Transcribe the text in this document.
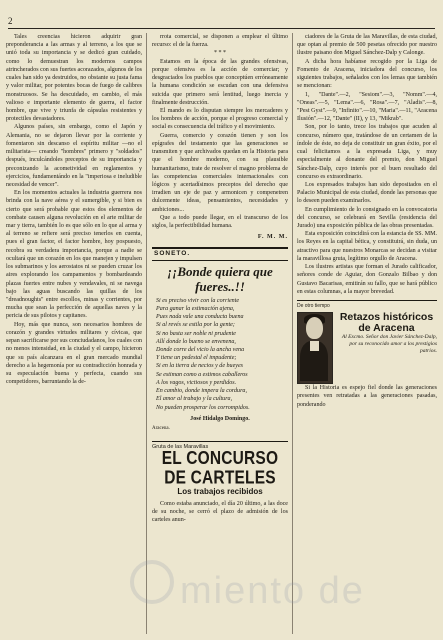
2

Tales creencias hicieron adquirir gran preponderancia a las armas y al terreno, a los que se unió toda su importancia y se dedicó gran cuidado, como lo demuestran los modernos campos atrincherados con sus fuertes acorazados, algunos de los cuales han sido ya destruidos, no obstante su justa fama y valor militar, por potentes bocas de fuego de calibres monstruosos. Se ha descuidado, en cambio, el más valioso e importante elemento de guerra, el factor hombre, que vive y triunfa de cápsulas resistentes y protectiles devastadores.

Algunos países, sin embargo, como el Japón y Alemania, no se dejaron llevar por la corriente y fomentaron sin descanso el espíritu militar —no el militarista— creando "hombres" primero y "soldados" después, inculcándoles preceptos de su importancia y preconizando la acometividad en reglamentos y ejercicios, fundamentándo en la "imperiosa e ineludible necesidad de vencer".

En los momentos actuales la industria guerrera nos brinda con la nave aérea y el sumergible, y si bien es cierto que será probable que estos dos elementos de combate causen alguna revolución en el arte militar de mar y tierra, también lo es que sólo en lo que al arma y al terreno se refiere será preciso tenerlos en cuenta, pues el gran factor, el factor hombre, hoy pospuesto, recobra su verdadera importancia, porque a nadie se ocultará que un corazón en los que manejen y impulsen los submarinos y los aerostatos ni se pueden cruzar los aires explorando los campamentos y bombardeando plazas fuertes entre nubes y vendavales, ni se navega bajo las aguas buscando las quillas de los "dreadnoughts" entre escollos, minas y corrientes, por mucha que sean la perfección de aquellas naves y la pericia de sus pilotos y capitanes.

Hoy, más que nunca, son necesarios hombres de corazón y grandes virtudes militares y cívicas, que sepan sacrificarse por sus conciudadanos, los cuales con no menos intensidad, en la ciudad y el campo, hicieron que su país alcanzara en el gran mercado mundial derecho a la hegemonía por su contradicción honrada y su especulación buena y perfecta, cuando sus competidores, barruntando la de-

rrota comercial, se disponen a emplear el último recurso: el de la fuerza.

* * *

Estamos en la época de las grandes ofensivas, porque ofensiva es la acción de comerciar; y desgraciados los pueblos que conceptúen erróneamente la humana condición se escudan con una defensiva suicida que primero será lentitud, luego inercia y finalmente destrucción.

El mando es lo disputan siempre los mercaderes y los hombres de acción, porque el progreso comercial y social es consecuencia del tráfico y el movimiento.

Guerra, comercio y corazón tienen y son los epígrafes del testamento que las generaciones se transmiten y que archivados quedan en la Historia para que el hombre moderno, con su plausible humanitarismo, trate de resolver el magno problema de las competencias comerciales internacionales con lógicos y acertadísimos preceptos del derecho que irradien un eje de paz y armonicen y compenetren dulcemente ideas, pensamientos, necesidades y ambiciones...

Que a todo puede llegar, en el transcurso de los siglos, la perfectibilidad humana.

F. M. M.

SONETO.
¡¡Bonde quiera que fueres..!!

Si es preciso vivir con la corriente

Para ganar la estimación ajena,

Pues nada vale una conducta buena

Si al revés se estila por la gente;

Si no basta ser noble ni prudente

Allí donde lo bueno se envenena,

Donde corre del vicio la ancha vena

Y tiene un pedestal el impudente;

Si en la tierra de necios y de bueyes

Se estiman como a estimos caballeros

A los vagos, victiosos y perdidos.

En cambio, donde impera la cordura,

El amor al trabajo y la cultura,

No pueden prosperar los corrompidos.

José Hidalgo Domingo.

Aracena.

Gruta de las Maravillas
EL CONCURSO DE CARTELES
Los trabajos recibidos

Como estaba anunciado, el día 20 último, a las doce de su noche, se cerró el plazo de admisión de los carteles anun-

ciadores de la Gruta de las Maravillas, de esta ciudad, que optan al premio de 500 pesetas ofrecido por nuestro ilustre paisano don Miguel Sánchez-Dalp y Calonge.

A dicha hora habíanse recogido por la Liga de Fomento de Aracena, iniciadora del concurso, los siguientes trabajos, señalados con los lemas que también se mencionan:

1, "Dante".—2, "Sesiom".—3, "Nomm".—4, "Oneas".—5, "Lema".—6, "Rosa".—7, "Aladis".—8, "Pest Gyst".—9, "Infinito".—10, "Maria".—11, "Aracena Ilusión".—12, "Dante" (II), y 13, "Mikrab".

Son, por lo tanto, trece los trabajos que acuden al concurso, número que, tratándose de un certamen de la índole de éste, no deja de constituir un gran éxito, por el cual felicitamos a la expresada Liga, y muy especialmente al donante del premio, don Miguel Sánchez-Dalp, cuyo interés por el buen resultado del concurso es extraordinario.

Los expresados trabajos han sido depositados en el Palacio Municipal de esta ciudad, donde las personas que lo deseen pueden examinarlos.

En cumplimiento de lo consignado en la convocatoria del concurso, se celebrará en Sevilla (residencia del Jurado) una exposición pública de las obras presentadas.

Esta exposición coincidirá con la estancia de SS. MM. los Reyes en la capital bética, y constituirá, sin duda, un atractivo para que nuestros Monarcas se decidan a visitar la maravillosa gruta, legítimo orgullo de Aracena.

Los ilustres artistas que forman el Jurado calificador, señores conde de Aguiar, don Gonzalo Bilbao y don Gustavo Bacarisas, emitirán su fallo, que se hará público en estas columnas, a la mayor brevedad.

De otro tiempo
Retazos históricos de Aracena

Al Excmo. Señor don Javier Sánchez-Dalp, por su reconocido amor a los prestigios patrios.

Si la Historia es espejo fiel donde las generaciones presentes ven retratadas a las generaciones pasadas, ponderando

miento de
